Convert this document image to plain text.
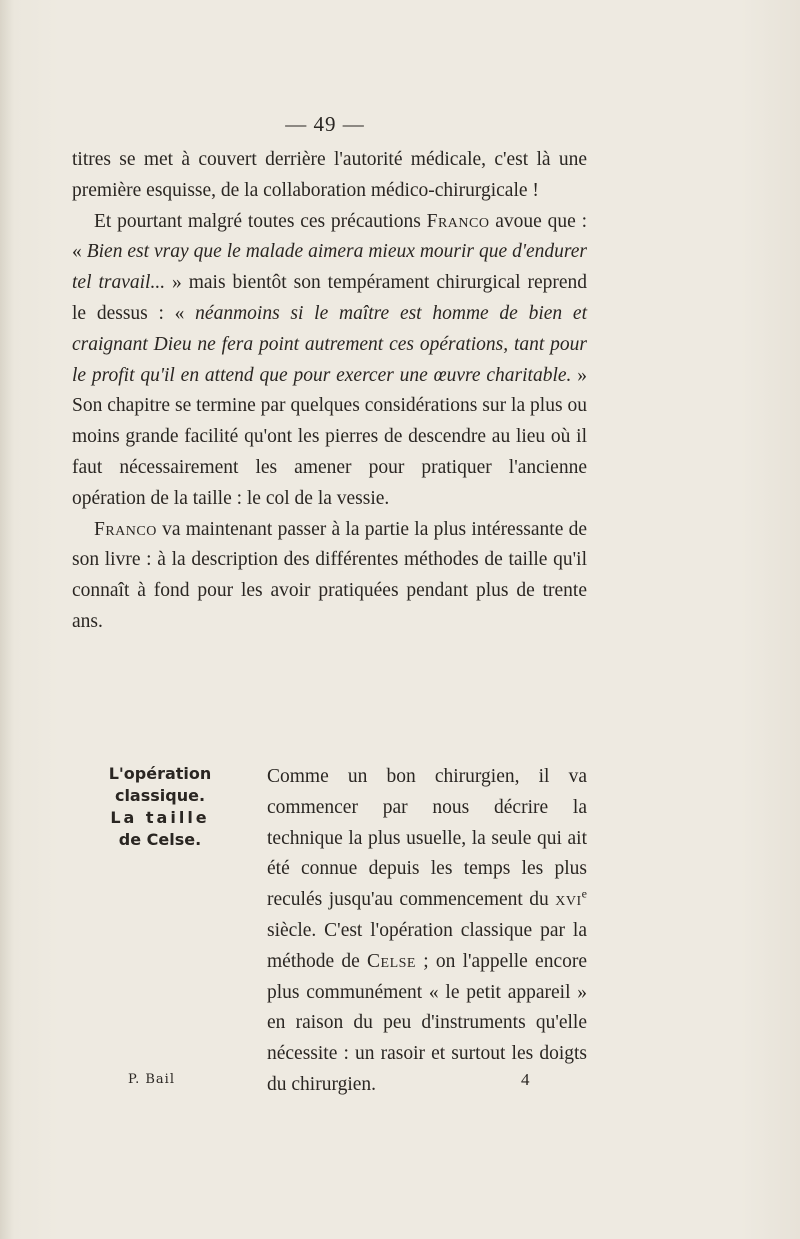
— 49 —

titres se met à couvert derrière l'autorité médicale, c'est là une première esquisse, de la collaboration médico-chirurgicale !

Et pourtant malgré toutes ces précautions Franco avoue que : « Bien est vray que le malade aimera mieux mourir que d'endurer tel travail... » mais bientôt son tempérament chirurgical reprend le dessus : « néanmoins si le maître est homme de bien et craignant Dieu ne fera point autrement ces opérations, tant pour le profit qu'il en attend que pour exercer une œuvre charitable. » Son chapitre se termine par quelques considérations sur la plus ou moins grande facilité qu'ont les pierres de descendre au lieu où il faut nécessairement les amener pour pratiquer l'ancienne opération de la taille : le col de la vessie.

Franco va maintenant passer à la partie la plus intéressante de son livre : à la description des différentes méthodes de taille qu'il connaît à fond pour les avoir pratiquées pendant plus de trente ans.

L'opération
classique.
La taille
de Celse.

Comme un bon chirurgien, il va commencer par nous décrire la technique la plus usuelle, la seule qui ait été connue depuis les temps les plus reculés jusqu'au commencement du xvi$^e$ siècle. C'est l'opération classique par la méthode de Celse ; on l'appelle encore plus communément « le petit appareil » en raison du peu d'instruments qu'elle nécessite : un rasoir et surtout les doigts du chirurgien.

P. Bail	4
